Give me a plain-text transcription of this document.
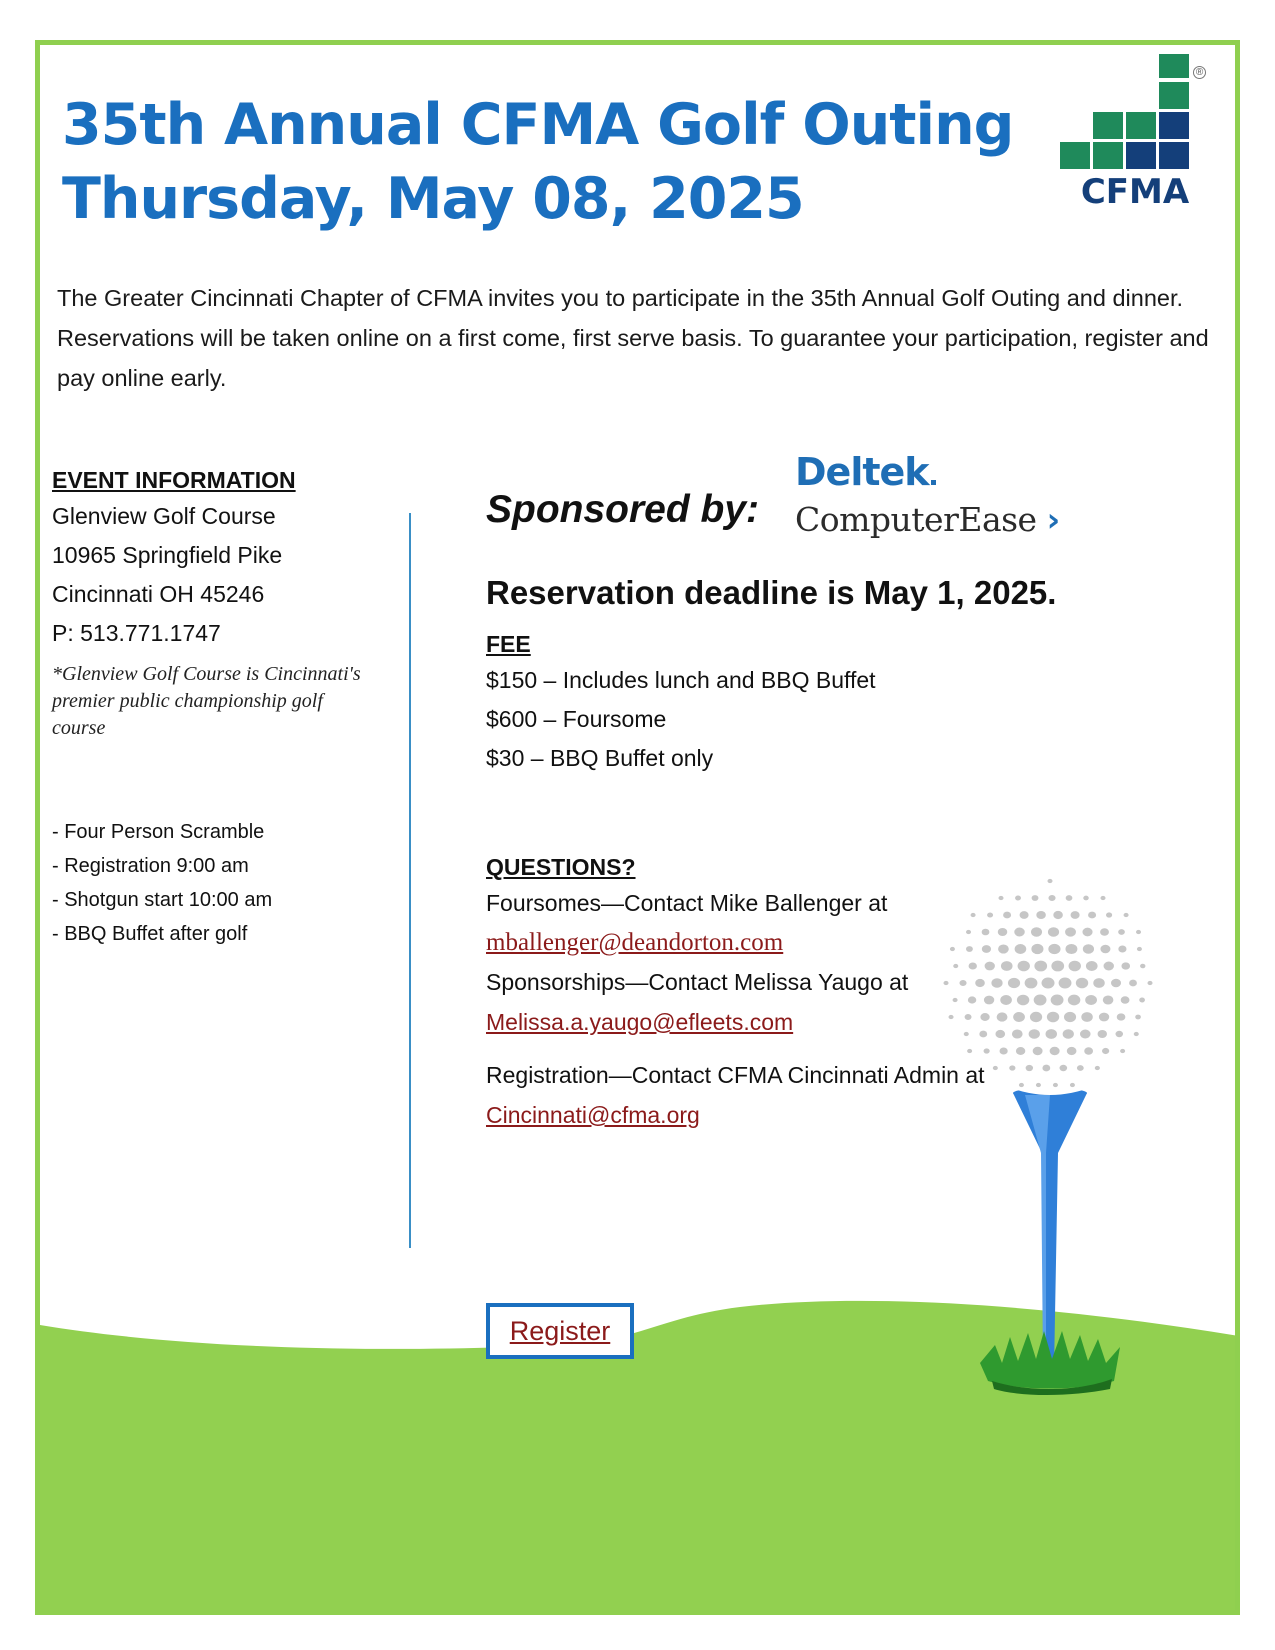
35th Annual CFMA Golf Outing
Thursday, May 08, 2025
®
CFMA

The Greater Cincinnati Chapter of CFMA invites you to participate in the 35th Annual Golf Outing and dinner. Reservations will be taken online on a first come, first serve basis. To guarantee your participation, register and pay online early.

EVENT INFORMATION

Glenview Golf Course

10965 Springfield Pike

Cincinnati OH 45246

P: 513.771.1747

*Glenview Golf Course is Cincinnati's premier public championship golf course

- Four Person Scramble
- Registration 9:00 am
- Shotgun start 10:00 am
- BBQ Buffet after golf

Sponsored by:

Deltek
ComputerEase ›

Reservation deadline is May 1, 2025.

FEE

$150 – Includes lunch and BBQ Buffet

$600 – Foursome

$30 – BBQ Buffet only

QUESTIONS?

Foursomes—Contact Mike Ballenger at

mballenger@deandorton.com

Sponsorships—Contact Melissa Yaugo at

Melissa.a.yaugo@efleets.com

Registration—Contact CFMA Cincinnati Admin at

Cincinnati@cfma.org
Register
